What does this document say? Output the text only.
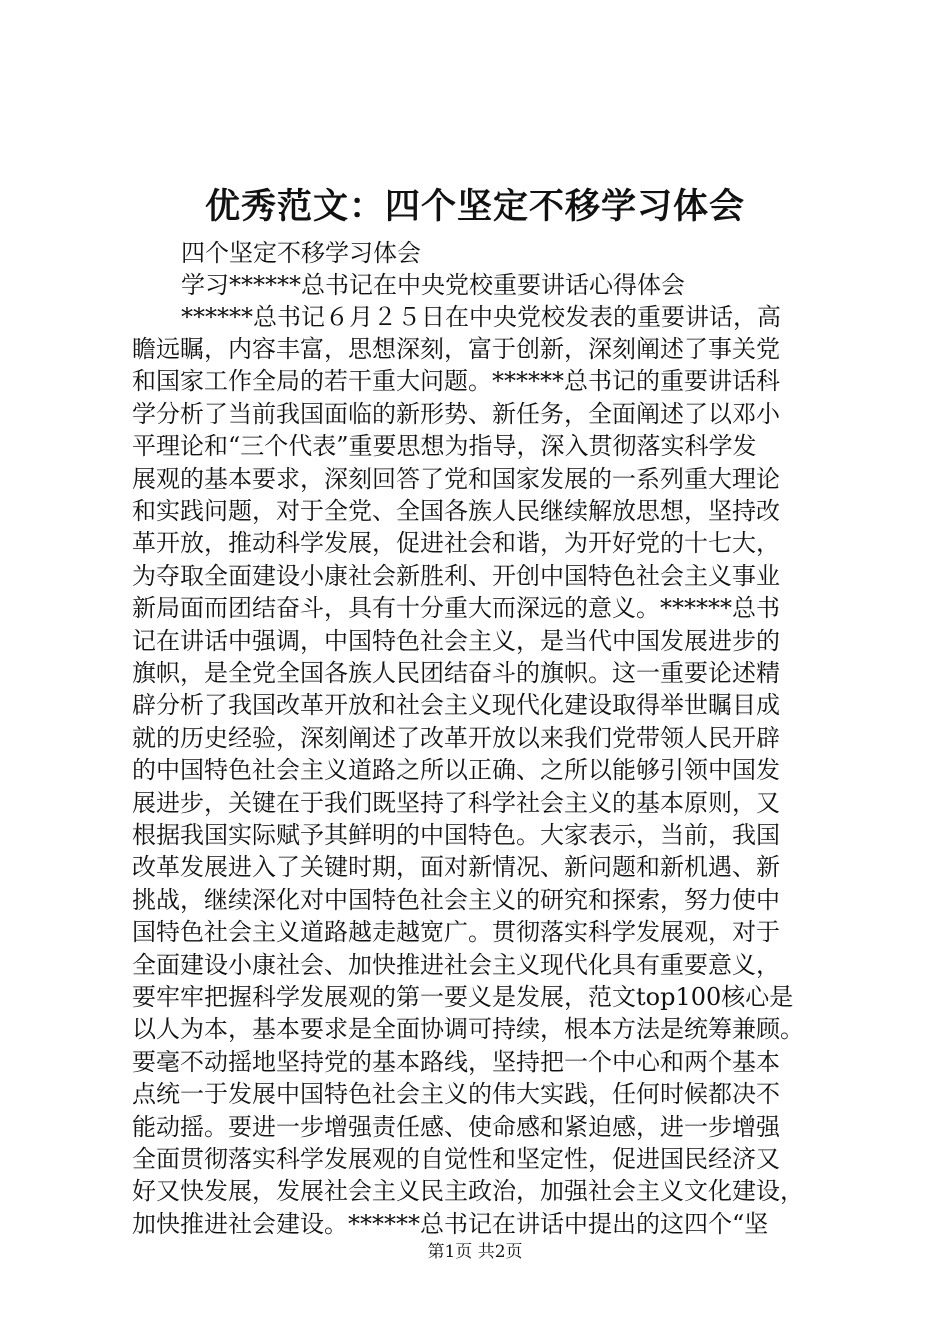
优秀范文：四个坚定不移学习体会

四个坚定不移学习体会

学习******总书记在中央党校重要讲话心得体会

******总书记６月２５日在中央党校发表的重要讲话，高

瞻远瞩，内容丰富，思想深刻，富于创新，深刻阐述了事关党

和国家工作全局的若干重大问题。******总书记的重要讲话科

学分析了当前我国面临的新形势、新任务，全面阐述了以邓小

平理论和“三个代表”重要思想为指导，深入贯彻落实科学发

展观的基本要求，深刻回答了党和国家发展的一系列重大理论

和实践问题，对于全党、全国各族人民继续解放思想，坚持改

革开放，推动科学发展，促进社会和谐，为开好党的十七大，

为夺取全面建设小康社会新胜利、开创中国特色社会主义事业

新局面而团结奋斗，具有十分重大而深远的意义。******总书

记在讲话中强调，中国特色社会主义，是当代中国发展进步的

旗帜，是全党全国各族人民团结奋斗的旗帜。这一重要论述精

辟分析了我国改革开放和社会主义现代化建设取得举世瞩目成

就的历史经验，深刻阐述了改革开放以来我们党带领人民开辟

的中国特色社会主义道路之所以正确、之所以能够引领中国发

展进步，关键在于我们既坚持了科学社会主义的基本原则，又

根据我国实际赋予其鲜明的中国特色。大家表示，当前，我国

改革发展进入了关键时期，面对新情况、新问题和新机遇、新

挑战，继续深化对中国特色社会主义的研究和探索，努力使中

国特色社会主义道路越走越宽广。贯彻落实科学发展观，对于

全面建设小康社会、加快推进社会主义现代化具有重要意义，

要牢牢把握科学发展观的第一要义是发展，范文top100核心是

以人为本，基本要求是全面协调可持续，根本方法是统筹兼顾。

要毫不动摇地坚持党的基本路线，坚持把一个中心和两个基本

点统一于发展中国特色社会主义的伟大实践，任何时候都决不

能动摇。要进一步增强责任感、使命感和紧迫感，进一步增强

全面贯彻落实科学发展观的自觉性和坚定性，促进国民经济又

好又快发展，发展社会主义民主政治，加强社会主义文化建设，

加快推进社会建设。******总书记在讲话中提出的这四个“坚

第1页 共2页
